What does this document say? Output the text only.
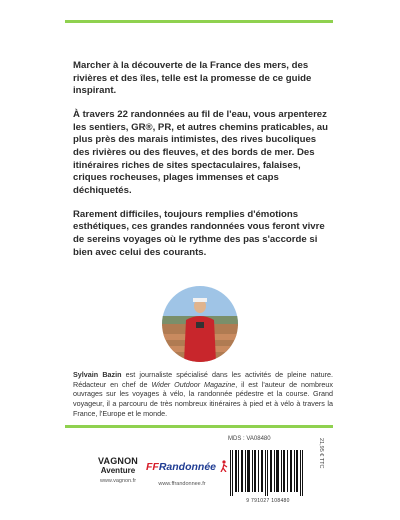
Marcher à la découverte de la France des mers, des rivières et des îles, telle est la promesse de ce guide inspirant.

À travers 22 randonnées au fil de l'eau, vous arpenterez les sentiers, GR®, PR, et autres chemins praticables, au plus près des marais intimistes, des rives bucoliques des rivières ou des fleuves, et des bords de mer. Des itinéraires riches de sites spectaculaires, falaises, criques rocheuses, plages immenses et caps déchiquetés.

Rarement difficiles, toujours remplies d'émotions esthétiques, ces grandes randonnées vous feront vivre de sereins voyages où le rythme des pas s'accorde si bien avec celui des courants.

Sylvain Bazin est journaliste spécialisé dans les activités de pleine nature. Rédacteur en chef de Wider Outdoor Magazine, il est l'auteur de nombreux ouvrages sur les voyages à vélo, la randonnée pédestre et la course. Grand voyageur, il a parcouru de très nombreux itinéraires à pied et à vélo à travers la France, l'Europe et le monde.
VAGNON
Aventure
www.vagnon.fr
FFRandonnée
www.ffrandonnee.fr
MDS : VA08480
9 791027 108480
21,95 € TTC
